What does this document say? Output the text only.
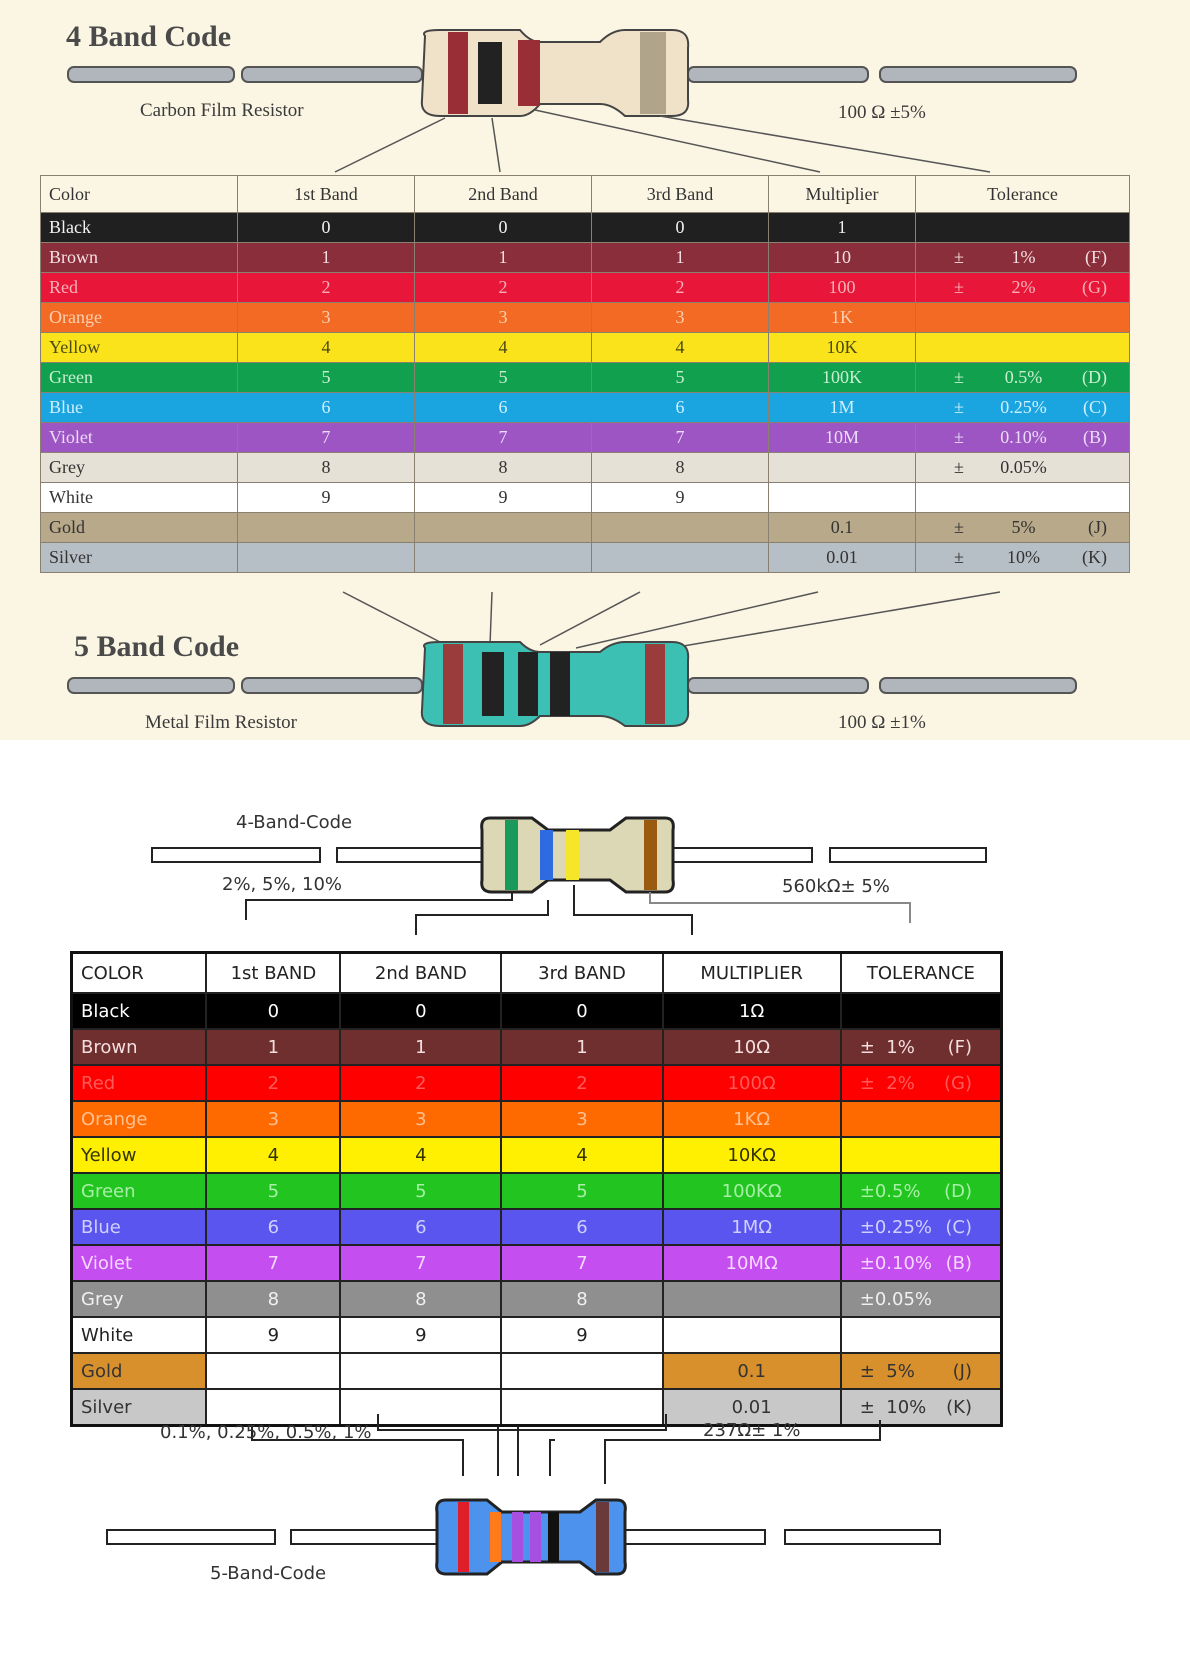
4 Band Code
Carbon Film Resistor	100 Ω ±5%
Color	1st Band	2nd Band	3rd Band	Multiplier	Tolerance
Black	0	0	0	1	

Brown	1	1	1	10	± 1% (F)

Red	2	2	2	100	± 2% (G)

Orange	3	3	3	1K	

Yellow	4	4	4	10K	

Green	5	5	5	100K	± 0.5% (D)

Blue	6	6	6	1M	± 0.25% (C)

Violet	7	7	7	10M	± 0.10% (B)

Grey	8	8	8		± 0.05%

White	9	9	9		

Gold				0.1	± 5% (J)

Silver				0.01	± 10% (K)
5 Band Code
Metal Film Resistor	100 Ω ±1%
4-Band-Code
2%, 5%, 10%	560kΩ± 5%
COLOR	1st BAND	2nd BAND	3rd BAND	MULTIPLIER	TOLERANCE
Black	0	0	0	1Ω	

Brown	1	1	1	10Ω	±  1% (F)

Red	2	2	2	100Ω	±  2% (G)

Orange	3	3	3	1KΩ	

Yellow	4	4	4	10KΩ	

Green	5	5	5	100KΩ	±0.5% (D)

Blue	6	6	6	1MΩ	±0.25% (C)

Violet	7	7	7	10MΩ	±0.10% (B)

Grey	8	8	8		±0.05%

White	9	9	9		

Gold				0.1	±  5% (J)

Silver				0.01	±  10% (K)
0.1%, 0.25%, 0.5%, 1%	237Ω± 1%
5-Band-Code
